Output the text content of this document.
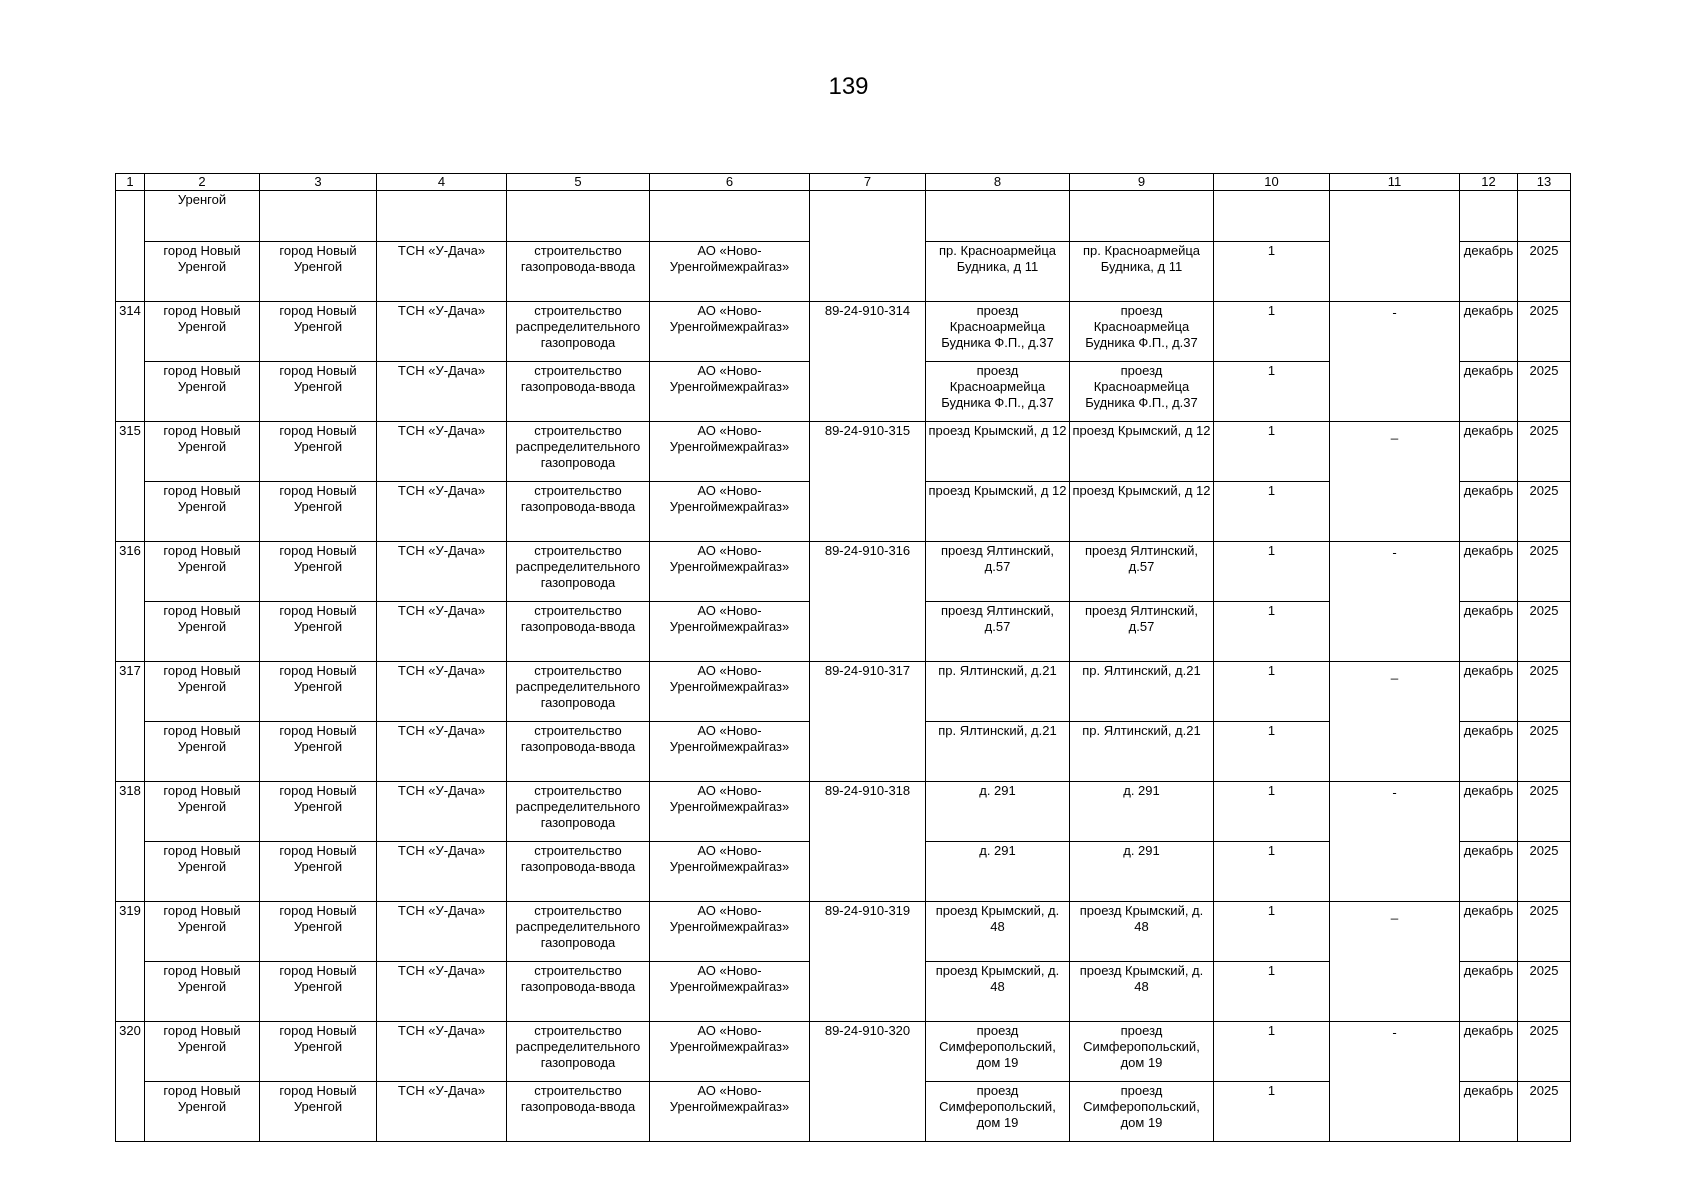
139
1	2	3	4	5	6	7	8	9	10	11	12	13
	Уренгой											
	город Новый Уренгой	город Новый Уренгой	ТСН «У-Дача»	строительство газопровода-ввода	АО «Ново-Уренгоймежрайгаз»		пр. Красноармейца Будника, д 11	пр. Красноармейца Будника, д 11	1		декабрь	2025
314	город Новый Уренгой	город Новый Уренгой	ТСН «У-Дача»	строительство распределительного газопровода	АО «Ново-Уренгоймежрайгаз»	89-24-910-314	проезд Красноармейца Будника Ф.П., д.37	проезд Красноармейца Будника Ф.П., д.37	1	-	декабрь	2025
	город Новый Уренгой	город Новый Уренгой	ТСН «У-Дача»	строительство газопровода-ввода	АО «Ново-Уренгоймежрайгаз»		проезд Красноармейца Будника Ф.П., д.37	проезд Красноармейца Будника Ф.П., д.37	1		декабрь	2025
315	город Новый Уренгой	город Новый Уренгой	ТСН «У-Дача»	строительство распределительного газопровода	АО «Ново-Уренгоймежрайгаз»	89-24-910-315	проезд Крымский, д 12	проезд Крымский, д 12	1	_	декабрь	2025
	город Новый Уренгой	город Новый Уренгой	ТСН «У-Дача»	строительство газопровода-ввода	АО «Ново-Уренгоймежрайгаз»		проезд Крымский, д 12	проезд Крымский, д 12	1		декабрь	2025
316	город Новый Уренгой	город Новый Уренгой	ТСН «У-Дача»	строительство распределительного газопровода	АО «Ново-Уренгоймежрайгаз»	89-24-910-316	проезд Ялтинский, д.57	проезд Ялтинский, д.57	1	-	декабрь	2025
	город Новый Уренгой	город Новый Уренгой	ТСН «У-Дача»	строительство газопровода-ввода	АО «Ново-Уренгоймежрайгаз»		проезд Ялтинский, д.57	проезд Ялтинский, д.57	1		декабрь	2025
317	город Новый Уренгой	город Новый Уренгой	ТСН «У-Дача»	строительство распределительного газопровода	АО «Ново-Уренгоймежрайгаз»	89-24-910-317	пр. Ялтинский, д.21	пр. Ялтинский, д.21	1	_	декабрь	2025
	город Новый Уренгой	город Новый Уренгой	ТСН «У-Дача»	строительство газопровода-ввода	АО «Ново-Уренгоймежрайгаз»		пр. Ялтинский, д.21	пр. Ялтинский, д.21	1		декабрь	2025
318	город Новый Уренгой	город Новый Уренгой	ТСН «У-Дача»	строительство распределительного газопровода	АО «Ново-Уренгоймежрайгаз»	89-24-910-318	д. 291	д. 291	1	-	декабрь	2025
	город Новый Уренгой	город Новый Уренгой	ТСН «У-Дача»	строительство газопровода-ввода	АО «Ново-Уренгоймежрайгаз»		д. 291	д. 291	1		декабрь	2025
319	город Новый Уренгой	город Новый Уренгой	ТСН «У-Дача»	строительство распределительного газопровода	АО «Ново-Уренгоймежрайгаз»	89-24-910-319	проезд Крымский, д. 48	проезд Крымский, д. 48	1	_	декабрь	2025
	город Новый Уренгой	город Новый Уренгой	ТСН «У-Дача»	строительство газопровода-ввода	АО «Ново-Уренгоймежрайгаз»		проезд Крымский, д. 48	проезд Крымский, д. 48	1		декабрь	2025
320	город Новый Уренгой	город Новый Уренгой	ТСН «У-Дача»	строительство распределительного газопровода	АО «Ново-Уренгоймежрайгаз»	89-24-910-320	проезд Симферопольский, дом 19	проезд Симферопольский, дом 19	1	-	декабрь	2025
	город Новый Уренгой	город Новый Уренгой	ТСН «У-Дача»	строительство газопровода-ввода	АО «Ново-Уренгоймежрайгаз»		проезд Симферопольский, дом 19	проезд Симферопольский, дом 19	1		декабрь	2025
